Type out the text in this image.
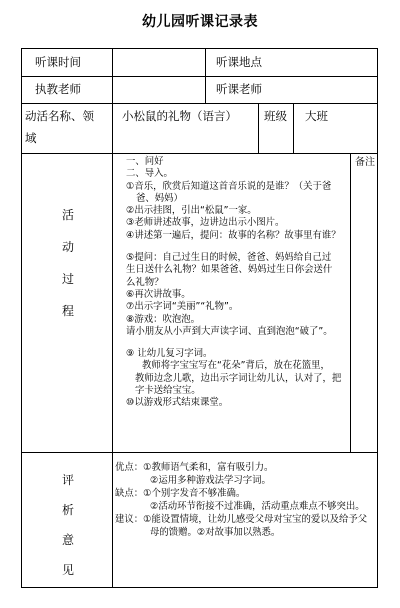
幼儿园听课记录表
听课时间	听课地点
执教老师	听课老师
动活名称、领
域
小松鼠的礼物（语言） 班级 大班
活
动
过
程
备注
一、问好
二、导入。
①音乐，欣赏后知道这首音乐说的是谁？（关于爸
爸、妈妈）
②出示挂图，引出“松鼠”一家。
③老师讲述故事，边讲边出示小图片。
④讲述第一遍后，提问：故事的名称？故事里有谁？
⑤提问：自己过生日的时候，爸爸、妈妈给自己过
生日送什么礼物？如果爸爸、妈妈过生日你会送什
么礼物？
⑥再次讲故事。
⑦出示字词“美丽”“礼物”。
⑧游戏：吹泡泡。
请小朋友从小声到大声读字词、直到泡泡“破了”。
⑨ 让幼儿复习字词。
教师将字宝宝写在“花朵”背后，放在花篮里，
教师边念儿歌，边出示字词让幼儿认，认对了，把
字卡送给宝宝。
⑩以游戏形式结束课堂。
评
析
意
见
优点：①教师语气柔和，富有吸引力。
②运用多种游戏法学习字词。
缺点：①个别字发音不够准确。
②活动环节衔接不过准确，活动重点难点不够突出。
建议：①能设置情境，让幼儿感受父母对宝宝的爱以及给予父
母的馈赠。②对故事加以熟悉。
